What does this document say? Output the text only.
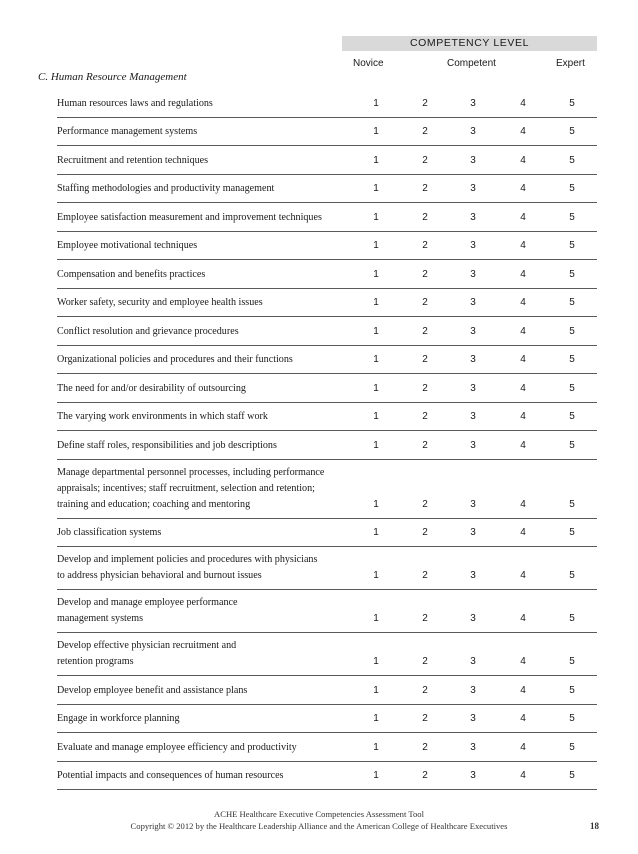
COMPETENCY LEVEL
Novice	Competent	Expert
C. Human Resource Management
Human resources laws and regulations	1	2	3	4	5
Performance management systems	1	2	3	4	5
Recruitment and retention techniques	1	2	3	4	5
Staffing methodologies and productivity management	1	2	3	4	5
Employee satisfaction measurement and improvement techniques	1	2	3	4	5
Employee motivational techniques	1	2	3	4	5
Compensation and benefits practices	1	2	3	4	5
Worker safety, security and employee health issues	1	2	3	4	5
Conflict resolution and grievance procedures	1	2	3	4	5
Organizational policies and procedures and their functions	1	2	3	4	5
The need for and/or desirability of outsourcing	1	2	3	4	5
The varying work environments in which staff work	1	2	3	4	5
Define staff roles, responsibilities and job descriptions	1	2	3	4	5
Manage departmental personnel processes, including performance
appraisals; incentives; staff recruitment, selection and retention;
training and education; coaching and mentoring	1	2	3	4	5
Job classification systems	1	2	3	4	5
Develop and implement policies and procedures with physicians
to address physician behavioral and burnout issues	1	2	3	4	5
Develop and manage employee performance
management systems	1	2	3	4	5
Develop effective physician recruitment and
retention programs	1	2	3	4	5
Develop employee benefit and assistance plans	1	2	3	4	5
Engage in workforce planning	1	2	3	4	5
Evaluate and manage employee efficiency and productivity	1	2	3	4	5
Potential impacts and consequences of human resources	1	2	3	4	5
ACHE Healthcare Executive Competencies Assessment Tool
Copyright © 2012 by the Healthcare Leadership Alliance and the American College of Healthcare Executives	18
